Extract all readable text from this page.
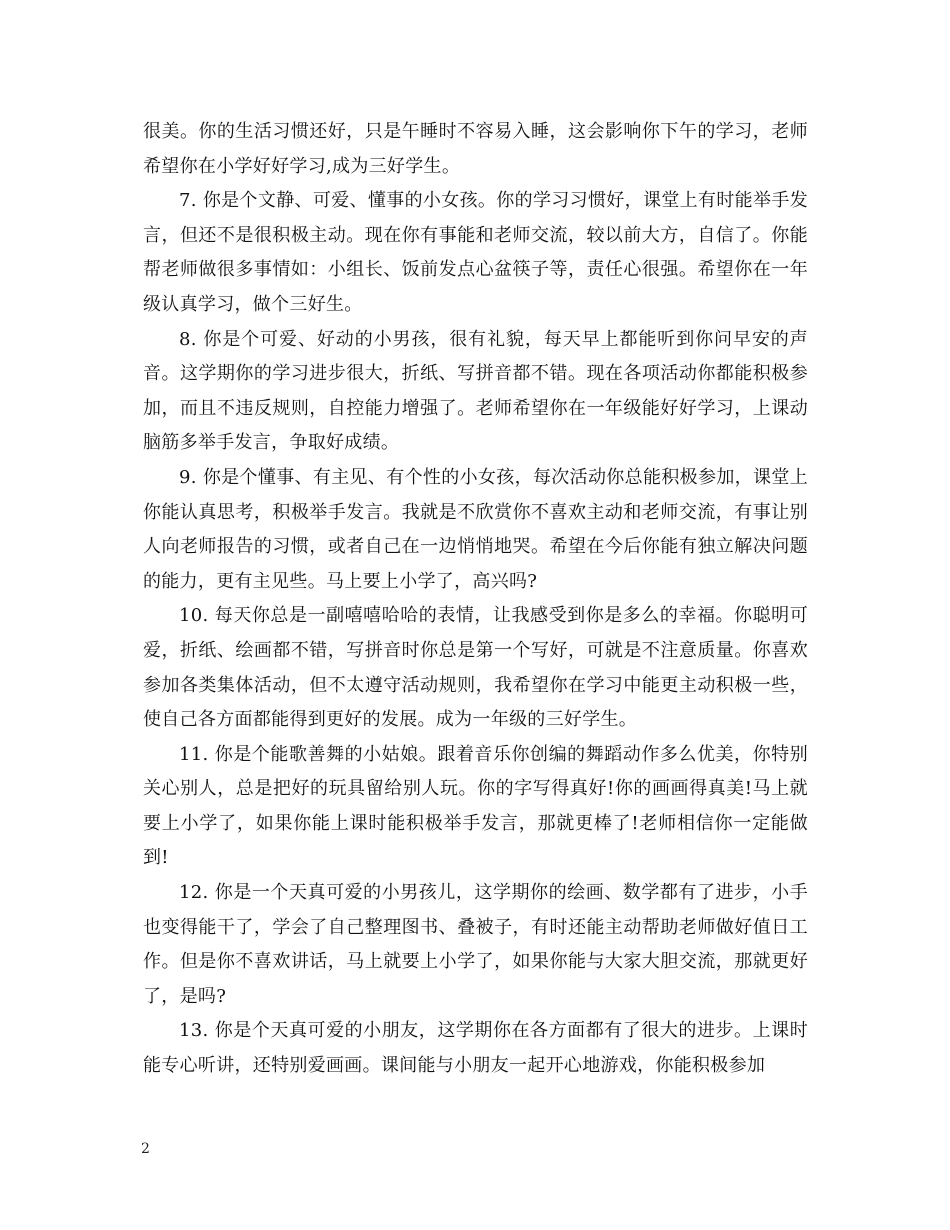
很美。你的生活习惯还好，只是午睡时不容易入睡，这会影响你下午的学习，老师希望你在小学好好学习,成为三好学生。

7. 你是个文静、可爱、懂事的小女孩。你的学习习惯好，课堂上有时能举手发言，但还不是很积极主动。现在你有事能和老师交流，较以前大方，自信了。你能帮老师做很多事情如：小组长、饭前发点心盆筷子等，责任心很强。希望你在一年级认真学习，做个三好生。

8. 你是个可爱、好动的小男孩，很有礼貌，每天早上都能听到你问早安的声音。这学期你的学习进步很大，折纸、写拼音都不错。现在各项活动你都能积极参加，而且不违反规则，自控能力增强了。老师希望你在一年级能好好学习，上课动脑筋多举手发言，争取好成绩。

9. 你是个懂事、有主见、有个性的小女孩，每次活动你总能积极参加，课堂上你能认真思考，积极举手发言。我就是不欣赏你不喜欢主动和老师交流，有事让别人向老师报告的习惯，或者自己在一边悄悄地哭。希望在今后你能有独立解决问题的能力，更有主见些。马上要上小学了，高兴吗?

10. 每天你总是一副嘻嘻哈哈的表情，让我感受到你是多么的幸福。你聪明可爱，折纸、绘画都不错，写拼音时你总是第一个写好，可就是不注意质量。你喜欢参加各类集体活动，但不太遵守活动规则，我希望你在学习中能更主动积极一些，使自己各方面都能得到更好的发展。成为一年级的三好学生。

11. 你是个能歌善舞的小姑娘。跟着音乐你创编的舞蹈动作多么优美，你特别关心别人，总是把好的玩具留给别人玩。你的字写得真好!你的画画得真美!马上就要上小学了，如果你能上课时能积极举手发言，那就更棒了!老师相信你一定能做到!

12. 你是一个天真可爱的小男孩儿，这学期你的绘画、数学都有了进步，小手也变得能干了，学会了自己整理图书、叠被子，有时还能主动帮助老师做好值日工作。但是你不喜欢讲话，马上就要上小学了，如果你能与大家大胆交流，那就更好了，是吗?

13. 你是个天真可爱的小朋友，这学期你在各方面都有了很大的进步。上课时能专心听讲，还特别爱画画。课间能与小朋友一起开心地游戏，你能积极参加

2
